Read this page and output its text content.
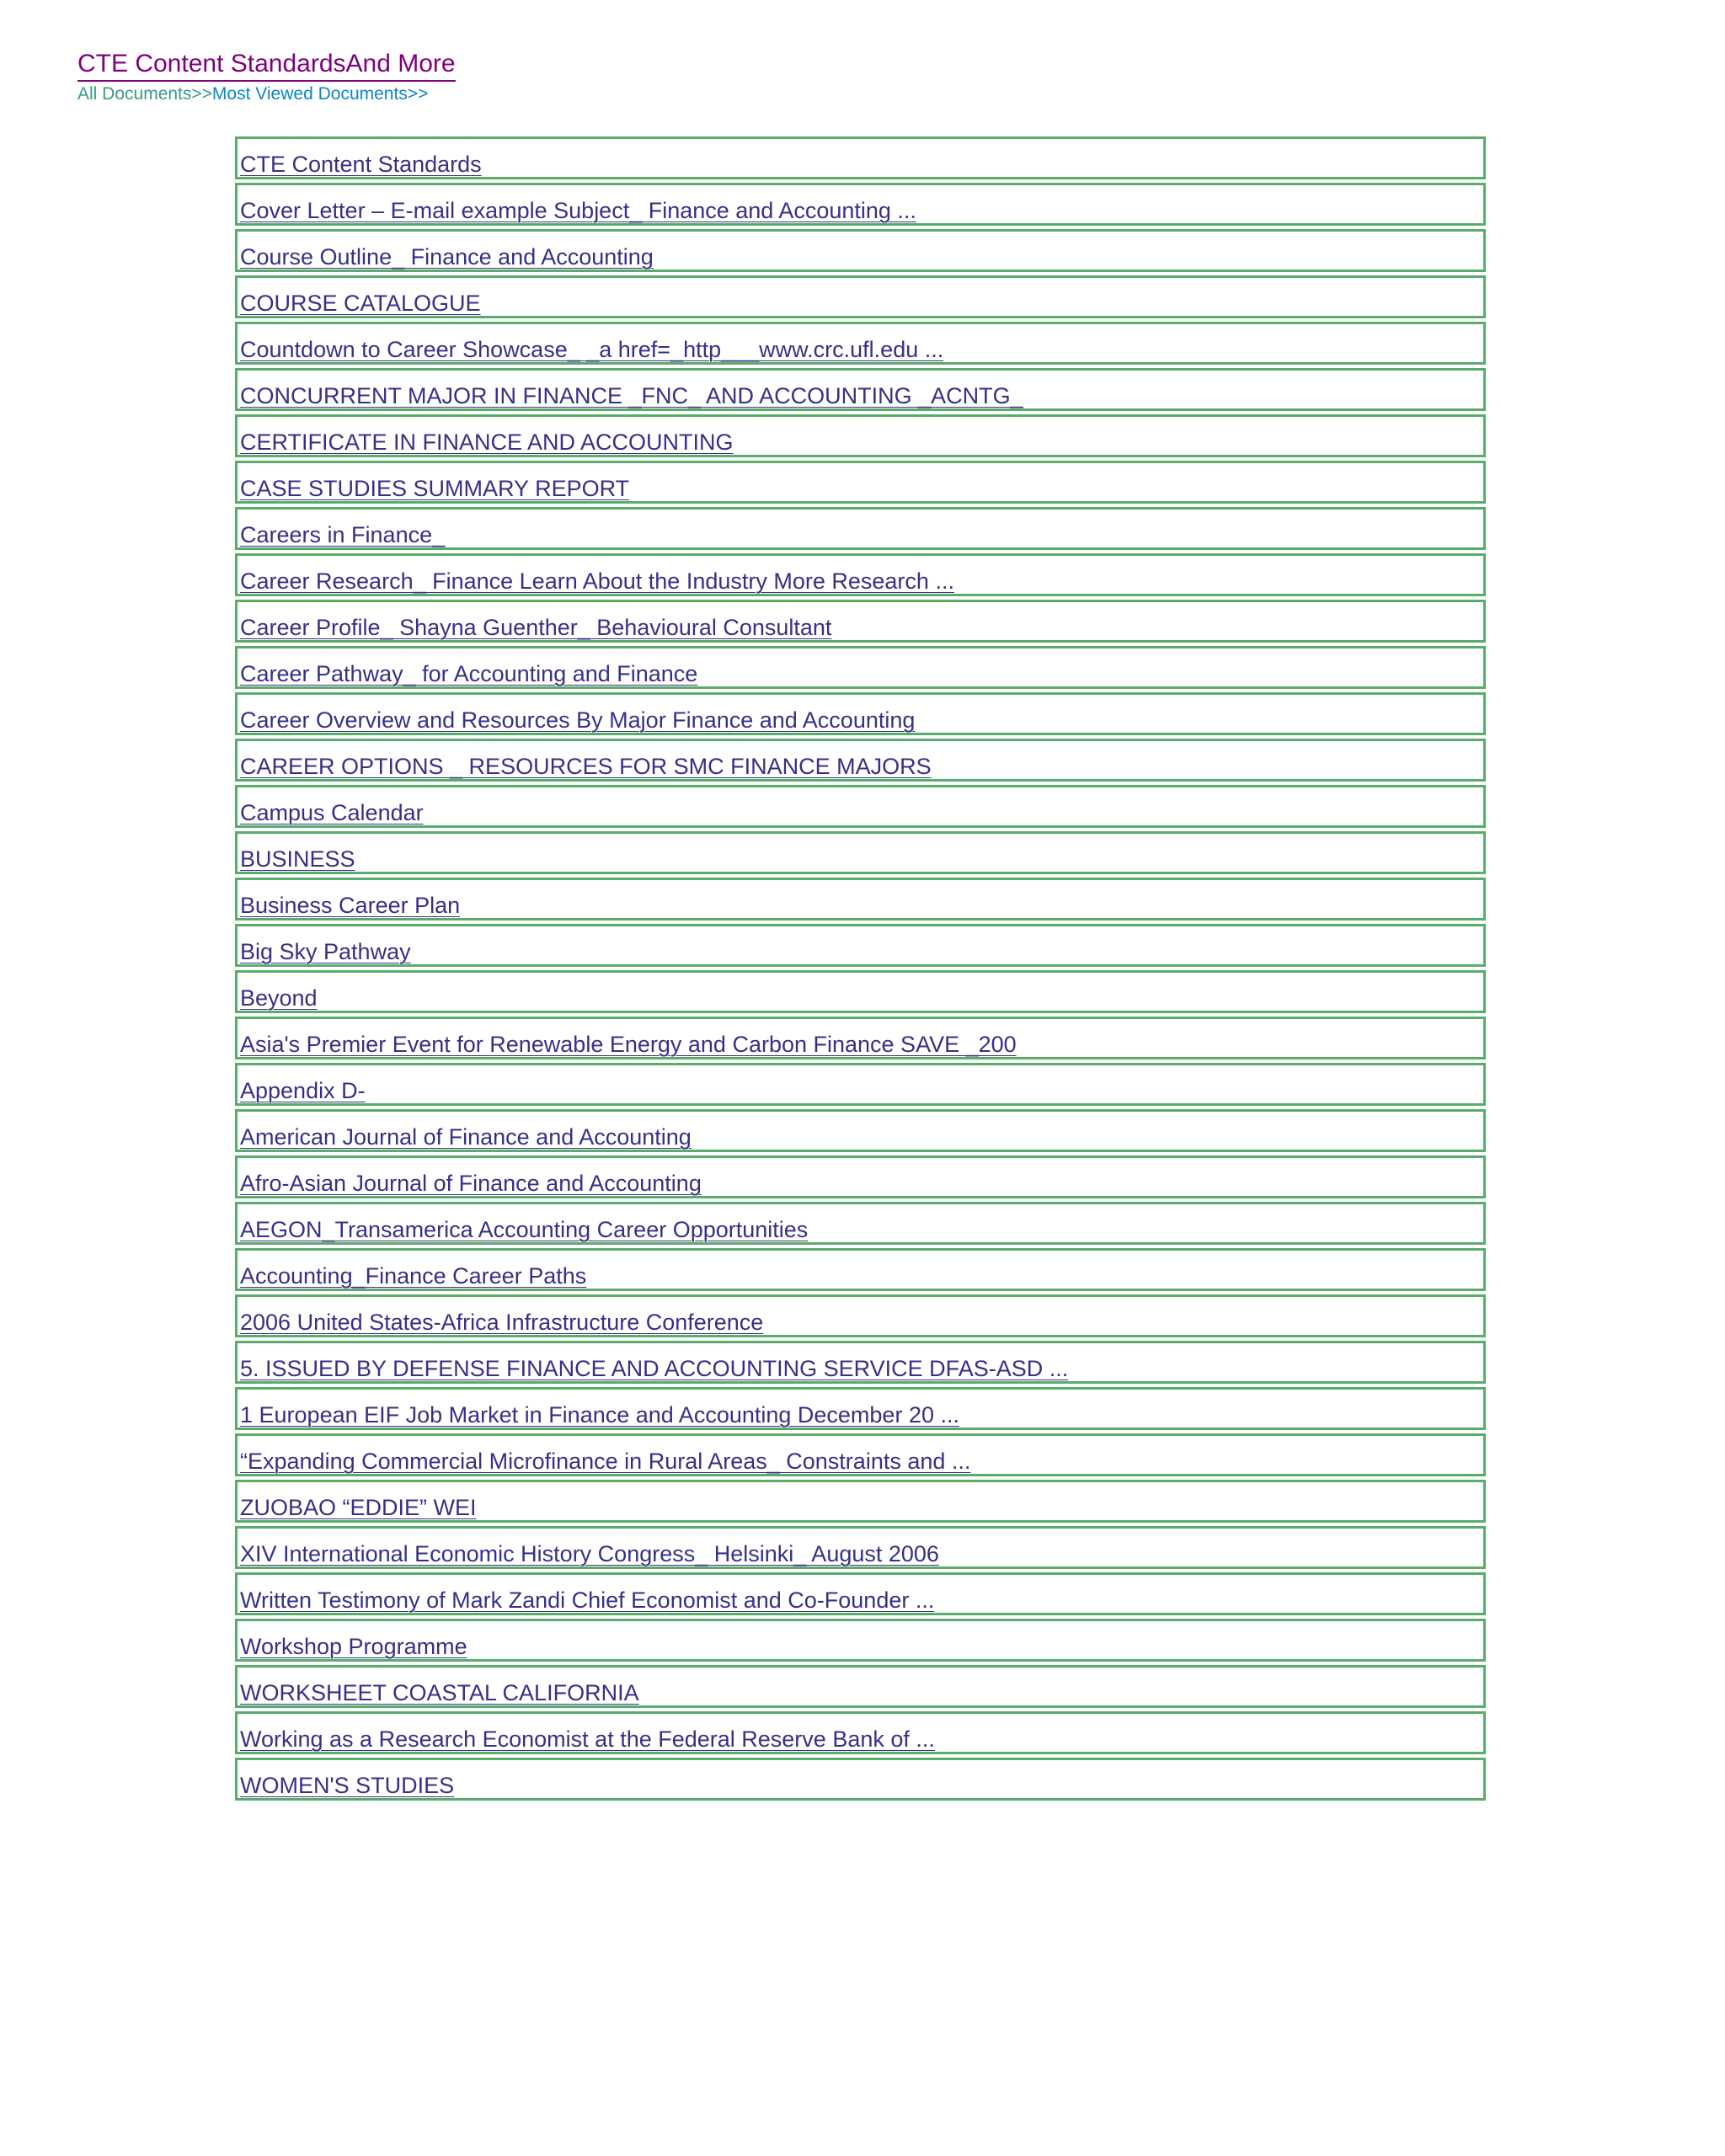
CTE Content StandardsAnd More
All Documents>>Most Viewed Documents>>
CTE Content Standards
Cover Letter – E-mail example Subject_ Finance and Accounting ...
Course Outline_ Finance and Accounting
COURSE CATALOGUE
Countdown to Career Showcase_ _a href=_http___www.crc.ufl.edu ...
CONCURRENT MAJOR IN FINANCE _FNC_ AND ACCOUNTING _ACNTG_
CERTIFICATE IN FINANCE AND ACCOUNTING
CASE STUDIES SUMMARY REPORT
Careers in Finance_
Career Research_ Finance Learn About the Industry More Research ...
Career Profile_ Shayna Guenther_ Behavioural Consultant
Career Pathway_ for Accounting and Finance
Career Overview and Resources By Major Finance and Accounting
CAREER OPTIONS _ RESOURCES FOR SMC FINANCE MAJORS
Campus Calendar
BUSINESS
Business Career Plan
Big Sky Pathway
Beyond
Asia's Premier Event for Renewable Energy and Carbon Finance SAVE _200
Appendix D-
American Journal of Finance and Accounting
Afro-Asian Journal of Finance and Accounting
AEGON_Transamerica Accounting Career Opportunities
Accounting_Finance Career Paths
2006 United States-Africa Infrastructure Conference
5. ISSUED BY DEFENSE FINANCE AND ACCOUNTING SERVICE DFAS-ASD ...
1 European EIF Job Market in Finance and Accounting December 20 ...
“Expanding Commercial Microfinance in Rural Areas_ Constraints and ...
ZUOBAO “EDDIE” WEI
XIV International Economic History Congress_ Helsinki_ August 2006
Written Testimony of Mark Zandi Chief Economist and Co-Founder ...
Workshop Programme
WORKSHEET COASTAL CALIFORNIA
Working as a Research Economist at the Federal Reserve Bank of ...
WOMEN'S STUDIES
